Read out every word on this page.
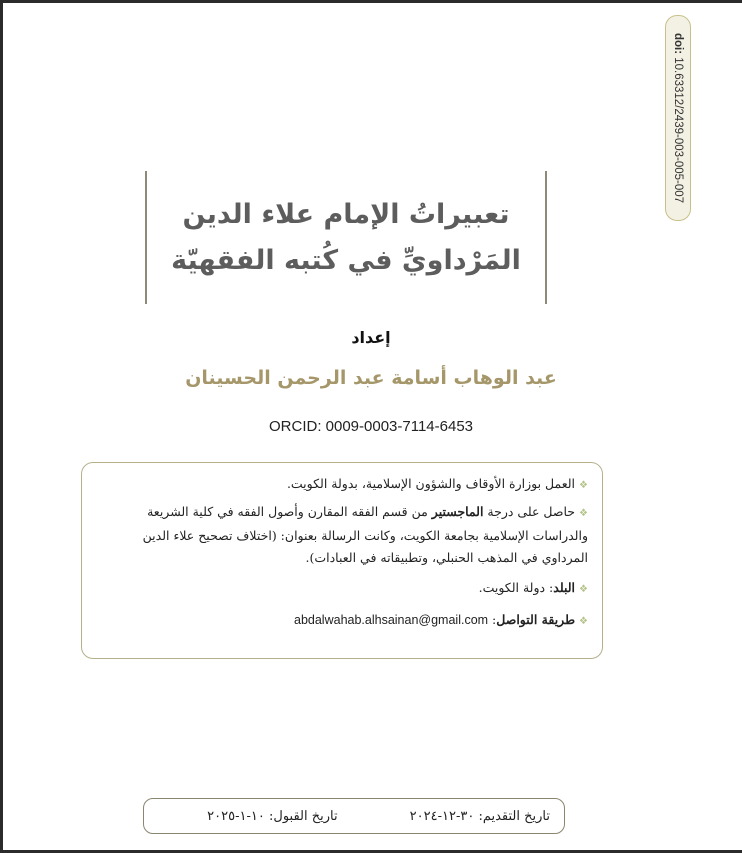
doi: 10.63312/2439-003-005-007
تعبيراتُ الإمام علاء الدين
المَرْداويِّ في كُتبه الفقهيّة
إعداد
عبد الوهاب أسامة عبد الرحمن الحسينان
ORCID: 0009-0003-7114-6453
❖العمل بوزارة الأوقاف والشؤون الإسلامية، بدولة الكويت.
❖حاصل على درجة الماجستير من قسم الفقه المقارن وأصول الفقه في كلية الشريعة والدراسات الإسلامية بجامعة الكويت، وكانت الرسالة بعنوان: (اختلاف تصحيح علاء الدين المرداوي في المذهب الحنبلي، وتطبيقاته في العبادات).
❖البلد: دولة الكويت.
❖طريقة التواصل: abdalwahab.alhsainan@gmail.com
تاريخ التقديم: ٣٠-١٢-٢٠٢٤
تاريخ القبول: ١٠-١-٢٠٢٥
